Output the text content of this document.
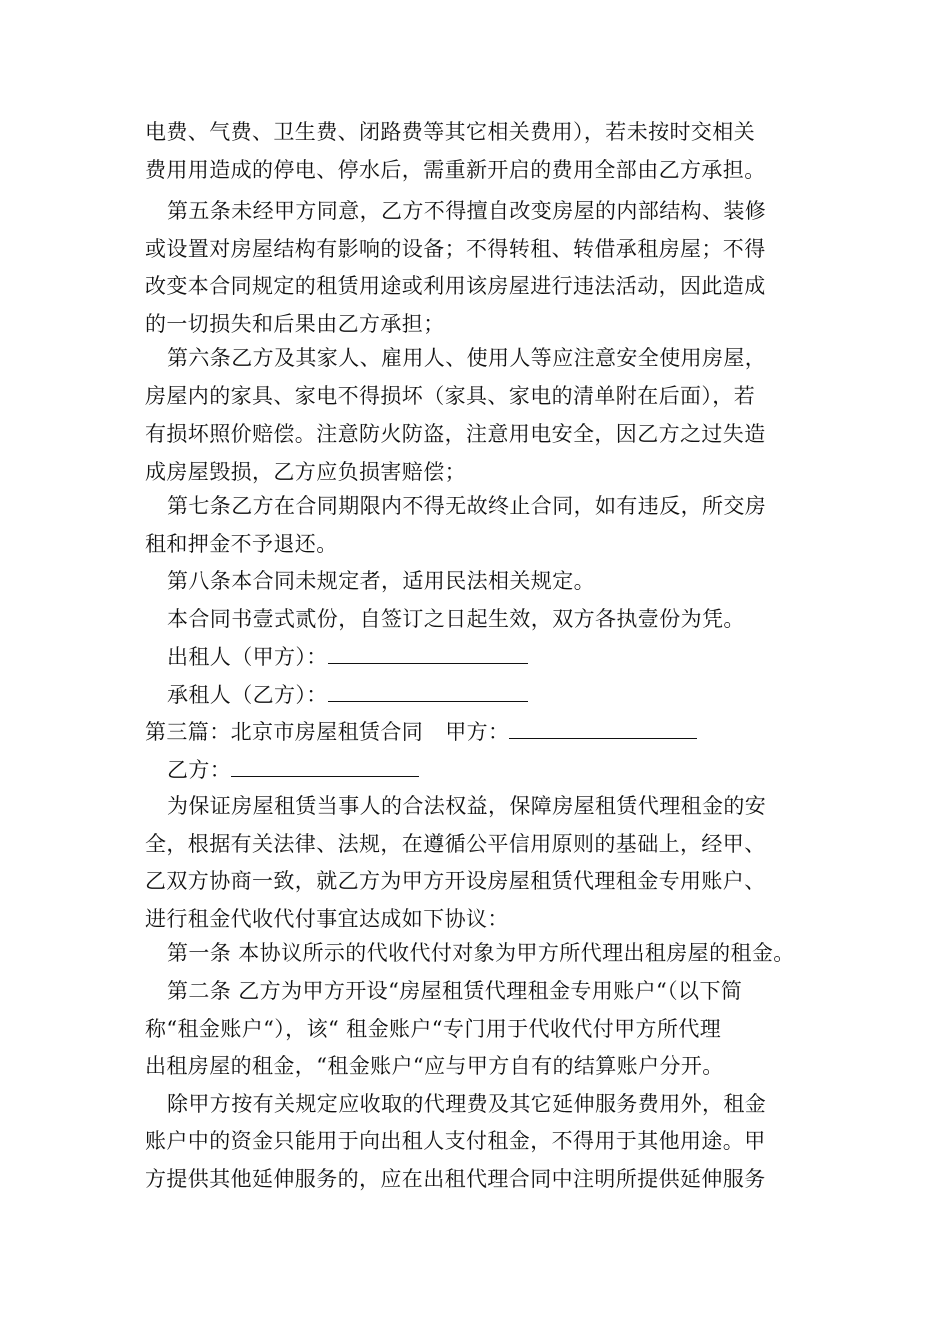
电费、气费、卫生费、闭路费等其它相关费用），若未按时交相关

费用用造成的停电、停水后，需重新开启的费用全部由乙方承担。

第五条未经甲方同意，乙方不得擅自改变房屋的内部结构、装修

或设置对房屋结构有影响的设备；不得转租、转借承租房屋；不得

改变本合同规定的租赁用途或利用该房屋进行违法活动，因此造成

的一切损失和后果由乙方承担；

第六条乙方及其家人、雇用人、使用人等应注意安全使用房屋，

房屋内的家具、家电不得损坏（家具、家电的清单附在后面），若

有损坏照价赔偿。注意防火防盗，注意用电安全，因乙方之过失造

成房屋毁损，乙方应负损害赔偿；

第七条乙方在合同期限内不得无故终止合同，如有违反，所交房

租和押金不予退还。

第八条本合同未规定者，适用民法相关规定。

本合同书壹式贰份，自签订之日起生效，双方各执壹份为凭。

出租人（甲方）：

承租人（乙方）：

第三篇：北京市房屋租赁合同 甲方：

乙方：

为保证房屋租赁当事人的合法权益，保障房屋租赁代理租金的安

全，根据有关法律、法规，在遵循公平信用原则的基础上，经甲、

乙双方协商一致，就乙方为甲方开设房屋租赁代理租金专用账户、

进行租金代收代付事宜达成如下协议：

第一条 本协议所示的代收代付对象为甲方所代理出租房屋的租金。

第二条 乙方为甲方开设“房屋租赁代理租金专用账户“（以下简

称“租金账户“），该“ 租金账户“专门用于代收代付甲方所代理

出租房屋的租金，“租金账户“应与甲方自有的结算账户分开。

除甲方按有关规定应收取的代理费及其它延伸服务费用外，租金

账户中的资金只能用于向出租人支付租金，不得用于其他用途。甲

方提供其他延伸服务的，应在出租代理合同中注明所提供延伸服务
